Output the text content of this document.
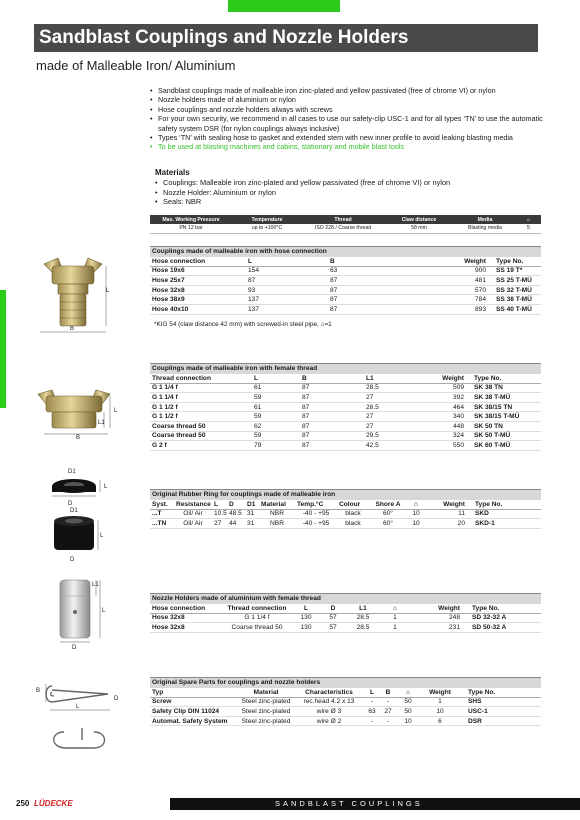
Sandblast Couplings and Nozzle Holders
made of Malleable Iron/ Aluminium
• Sandblast couplings made of malleable iron zinc-plated and yellow passivated (free of chrome VI) or nylon
• Nozzle holders made of aluminium or nylon
• Hose couplings and nozzle holders always with screws
• For your own security, we recommend in all cases to use our safety-clip USC-1 and for all types ‘TN’ to use the automatic safety system DSR (for nylon couplings always inclusive)
• Types ‘TN’ with sealing hose to gasket and extended stem with new inner profile to avoid leaking blasting media
• To be used at blasting machines and cabins, stationary and mobile blast tools
Materials
• Couplings: Malleable iron zinc-plated and yellow passivated (free of chrome VI) or nylon
• Nozzle Holder: Aluminium or nylon
• Seals: NBR
Max. Working Pressure	Temperature	Thread	Claw distance	Media	⌂
PN 12 bar	up to +100°C	ISO 228 / Coarse thread	58 mm	Blasting media	5
L
B
Couplings made of malleable iron with hose connection				
Hose connection	L	B	Weight	Type No.
Hose 19x6	154	63	900	SS 19 T*
Hose 25x7	87	87	481	SS 25 T-MÜ
Hose 32x8	93	87	570	SS 32 T-MÜ
Hose 38x9	137	87	784	SS 38 T-MÜ
Hose 40x10	137	87	893	SS 40 T-MÜ
*KIG 54 (claw distance 42 mm) with screwed-in steel pipe, ⌂=1
L
L1
B
Couplings made of malleable iron with female thread					
Thread connection	L	B	L1	Weight	Type No.
G 1 1/4 f	61	87	28.5	509	SK 38 TN
G 1 1/4 f	59	87	27	392	SK 38 T-MÜ
G 1 1/2 f	61	87	28.5	464	SK 38/15 TN
G 1 1/2 f	59	87	27	340	SK 38/15 T-MÜ
Coarse thread 50	62	87	27	448	SK 50 TN
Coarse thread 50	59	87	29.5	324	SK 50 T-MÜ
G 2 f	79	87	42.5	550	SK 60 T-MÜ
D1
L
D
D1
L
D
Original Rubber Ring for couplings made of malleable iron											
Syst.	Resistance	L	D	D1	Material	Temp.°C	Colour	Shore A	⌂	Weight	Type No.
...T	Oil/ Air	10.5	48.5	31	NBR	-40 - +95	black	60°	10	11	SKD
...TN	Oil/ Air	27	44	31	NBR	-40 - +95	black	60°	10	20	SKD-1
L1
L
D
Nozzle Holders made of aluminium with female thread							
Hose connection	Thread connection	L	D	L1	⌂	Weight	Type No.
Hose 32x8	G 1 1/4 f	130	57	28.5	1	248	SD 32-32 A
Hose 32x8	Coarse thread 50	130	57	28.5	1	231	SD 50-32 A
B
D
L
Original Spare Parts for couplings and nozzle holders							
Typ	Material	Characteristics	L	B	⌂	Weight	Type No.
Screw	Steel zinc-plated	rec.head 4.2 x 13	-	-	50	1	SHS
Safety Clip DIN 11024	Steel zinc-plated	wire Ø 3	63	27	50	10	USC-1
Automat. Safety System	Steel zinc-plated	wire Ø 2	-	-	10	6	DSR
250 LÜDECKE	SANDBLAST COUPLINGS
